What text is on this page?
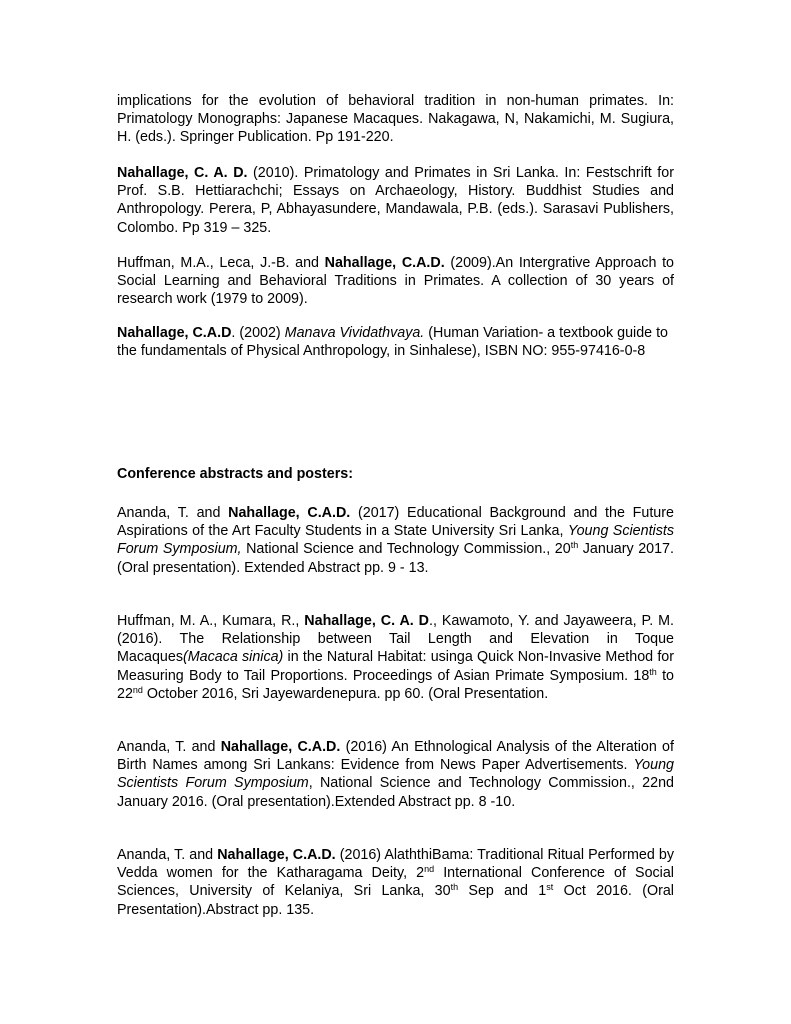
implications for the evolution of behavioral tradition in non-human primates. In: Primatology Monographs: Japanese Macaques. Nakagawa, N, Nakamichi, M. Sugiura, H. (eds.). Springer Publication. Pp 191-220.

Nahallage, C. A. D. (2010). Primatology and Primates in Sri Lanka. In: Festschrift for Prof. S.B. Hettiarachchi; Essays on Archaeology, History. Buddhist Studies and Anthropology. Perera, P, Abhayasundere, Mandawala, P.B. (eds.). Sarasavi Publishers, Colombo. Pp 319 – 325.

Huffman, M.A., Leca, J.-B. and Nahallage, C.A.D. (2009).An Intergrative Approach to Social Learning and Behavioral Traditions in Primates. A collection of 30 years of research work (1979 to 2009).

Nahallage, C.A.D. (2002) Manava Vividathvaya. (Human Variation- a textbook guide to the fundamentals of Physical Anthropology, in Sinhalese), ISBN NO: 955-97416-0-8

Conference abstracts and posters:

Ananda, T. and Nahallage, C.A.D. (2017) Educational Background and the Future Aspirations of the Art Faculty Students in a State University Sri Lanka, Young Scientists Forum Symposium, National Science and Technology Commission., 20th January 2017. (Oral presentation). Extended Abstract pp. 9 - 13.

Huffman, M. A., Kumara, R., Nahallage, C. A. D., Kawamoto, Y. and Jayaweera, P. M.(2016). The Relationship between Tail Length and Elevation in Toque Macaques(Macaca sinica) in the Natural Habitat: usinga Quick Non-Invasive Method for Measuring Body to Tail Proportions. Proceedings of Asian Primate Symposium. 18th to 22nd October 2016, Sri Jayewardenepura. pp 60. (Oral Presentation.

Ananda, T. and Nahallage, C.A.D. (2016) An Ethnological Analysis of the Alteration of Birth Names among Sri Lankans: Evidence from News Paper Advertisements. Young Scientists Forum Symposium, National Science and Technology Commission., 22nd January 2016. (Oral presentation).Extended Abstract pp. 8 -10.

Ananda, T. and Nahallage, C.A.D. (2016) AlaththiBama: Traditional Ritual Performed by Vedda women for the Katharagama Deity, 2nd International Conference of Social Sciences, University of Kelaniya, Sri Lanka, 30th Sep and 1st Oct 2016. (Oral Presentation).Abstract pp. 135.
